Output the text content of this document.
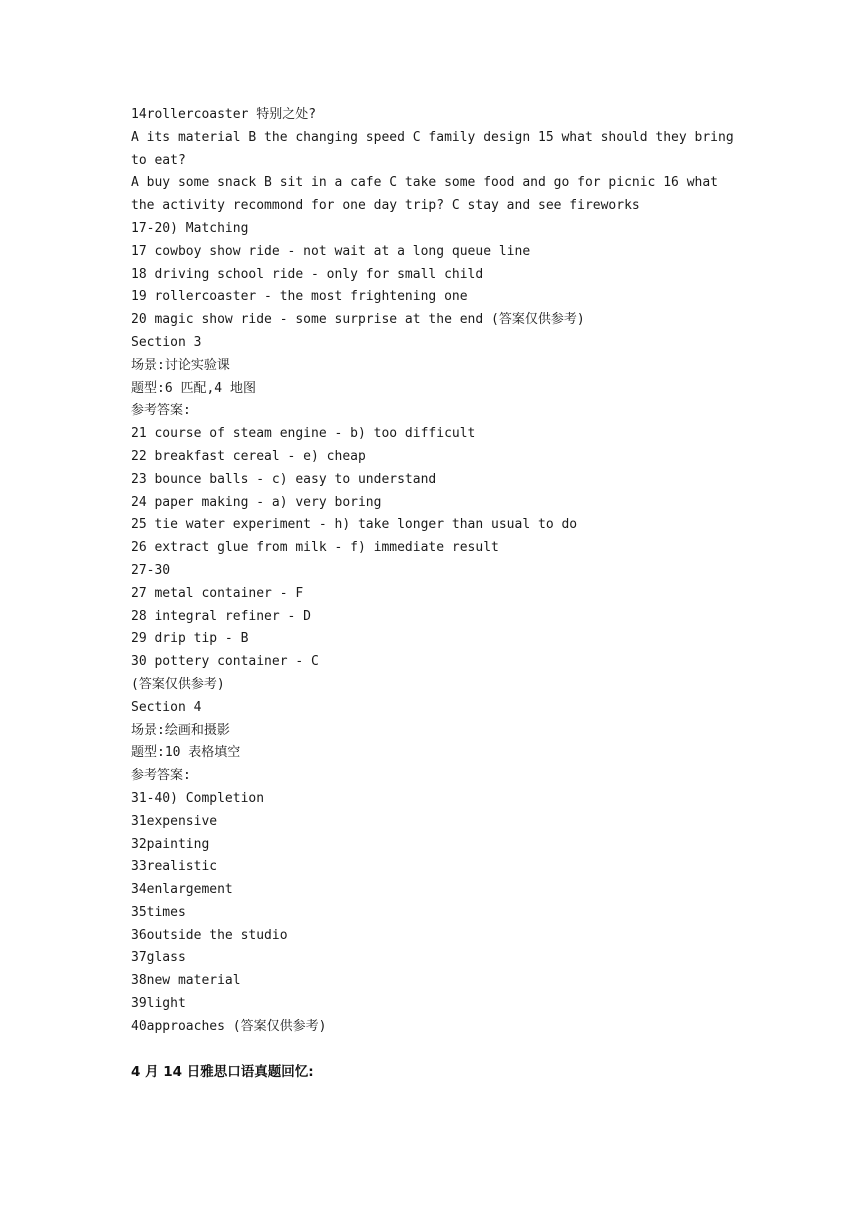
14rollercoaster 特别之处?

A its material B the changing speed C family design 15 what should they bring to eat?

A buy some snack B sit in a cafe C take some food and go for picnic 16 what the activity recommond for one day trip? C stay and see fireworks

17-20) Matching

17 cowboy show ride - not wait at a long queue line

18 driving school ride - only for small child

19 rollercoaster - the most frightening one

20 magic show ride - some surprise at the end (答案仅供参考)

Section 3

场景:讨论实验课

题型:6 匹配,4 地图

参考答案:

21 course of steam engine - b) too difficult

22 breakfast cereal - e) cheap

23 bounce balls - c) easy to understand

24 paper making - a) very boring

25 tie water experiment - h) take longer than usual to do

26 extract glue from milk - f) immediate result

27-30

27 metal container - F

28 integral refiner - D

29 drip tip - B

30 pottery container - C

(答案仅供参考)

Section 4

场景:绘画和摄影

题型:10 表格填空

参考答案:

31-40) Completion

31expensive

32painting

33realistic

34enlargement

35times

36outside the studio

37glass

38new material

39light

40approaches (答案仅供参考)

4 月 14 日雅思口语真题回忆:
